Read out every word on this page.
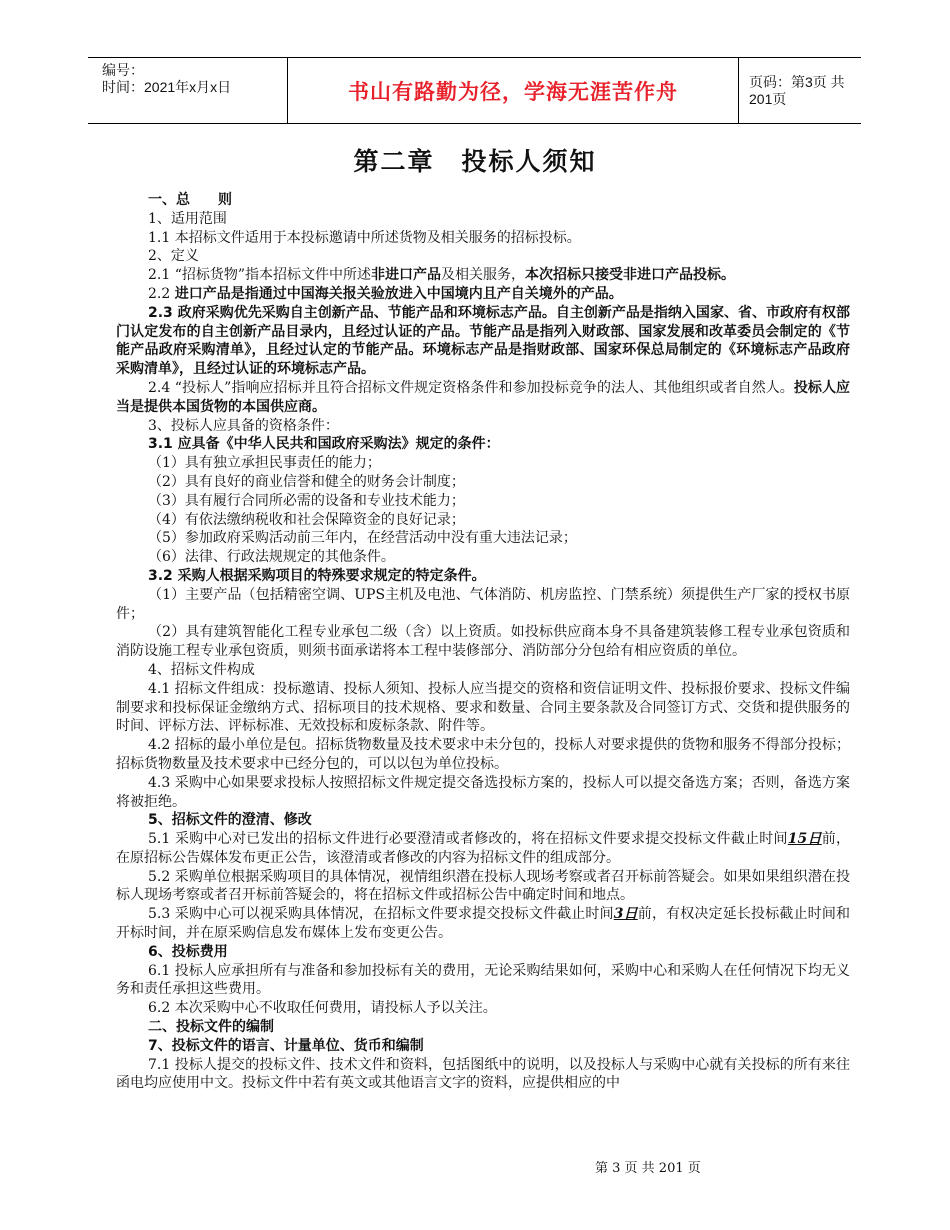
编号：
时间：2021年x月x日	书山有路勤为径，学海无涯苦作舟	页码：第3页 共201页
第二章　投标人须知

一、总　　则

1、适用范围

1.1 本招标文件适用于本投标邀请中所述货物及相关服务的招标投标。

2、定义

2.1 “招标货物”指本招标文件中所述非进口产品及相关服务，本次招标只接受非进口产品投标。

2.2 进口产品是指通过中国海关报关验放进入中国境内且产自关境外的产品。

2.3 政府采购优先采购自主创新产品、节能产品和环境标志产品。自主创新产品是指纳入国家、省、市政府有权部门认定发布的自主创新产品目录内，且经过认证的产品。节能产品是指列入财政部、国家发展和改革委员会制定的《节能产品政府采购清单》，且经过认定的节能产品。环境标志产品是指财政部、国家环保总局制定的《环境标志产品政府采购清单》，且经过认证的环境标志产品。

2.4 “投标人”指响应招标并且符合招标文件规定资格条件和参加投标竞争的法人、其他组织或者自然人。投标人应当是提供本国货物的本国供应商。

3、投标人应具备的资格条件：

3.1 应具备《中华人民共和国政府采购法》规定的条件：

（1）具有独立承担民事责任的能力；

（2）具有良好的商业信誉和健全的财务会计制度；

（3）具有履行合同所必需的设备和专业技术能力；

（4）有依法缴纳税收和社会保障资金的良好记录；

（5）参加政府采购活动前三年内，在经营活动中没有重大违法记录；

（6）法律、行政法规规定的其他条件。

3.2 采购人根据采购项目的特殊要求规定的特定条件。

（1）主要产品（包括精密空调、UPS主机及电池、气体消防、机房监控、门禁系统）须提供生产厂家的授权书原件；

（2）具有建筑智能化工程专业承包二级（含）以上资质。如投标供应商本身不具备建筑装修工程专业承包资质和消防设施工程专业承包资质，则须书面承诺将本工程中装修部分、消防部分分包给有相应资质的单位。

4、招标文件构成

4.1 招标文件组成：投标邀请、投标人须知、投标人应当提交的资格和资信证明文件、投标报价要求、投标文件编制要求和投标保证金缴纳方式、招标项目的技术规格、要求和数量、合同主要条款及合同签订方式、交货和提供服务的时间、评标方法、评标标准、无效投标和废标条款、附件等。

4.2 招标的最小单位是包。招标货物数量及技术要求中未分包的，投标人对要求提供的货物和服务不得部分投标；招标货物数量及技术要求中已经分包的，可以以包为单位投标。

4.3 采购中心如果要求投标人按照招标文件规定提交备选投标方案的，投标人可以提交备选方案；否则，备选方案将被拒绝。

5、招标文件的澄清、修改

5.1 采购中心对已发出的招标文件进行必要澄清或者修改的，将在招标文件要求提交投标文件截止时间15日前，在原招标公告媒体发布更正公告，该澄清或者修改的内容为招标文件的组成部分。

5.2 采购单位根据采购项目的具体情况，视情组织潜在投标人现场考察或者召开标前答疑会。如果如果组织潜在投标人现场考察或者召开标前答疑会的，将在招标文件或招标公告中确定时间和地点。

5.3 采购中心可以视采购具体情况，在招标文件要求提交投标文件截止时间3日前，有权决定延长投标截止时间和开标时间，并在原采购信息发布媒体上发布变更公告。

6、投标费用

6.1 投标人应承担所有与准备和参加投标有关的费用，无论采购结果如何，采购中心和采购人在任何情况下均无义务和责任承担这些费用。

6.2 本次采购中心不收取任何费用，请投标人予以关注。

二、投标文件的编制

7、投标文件的语言、计量单位、货币和编制

7.1 投标人提交的投标文件、技术文件和资料，包括图纸中的说明，以及投标人与采购中心就有关投标的所有来往函电均应使用中文。投标文件中若有英文或其他语言文字的资料，应提供相应的中

第 3 页 共 201 页
